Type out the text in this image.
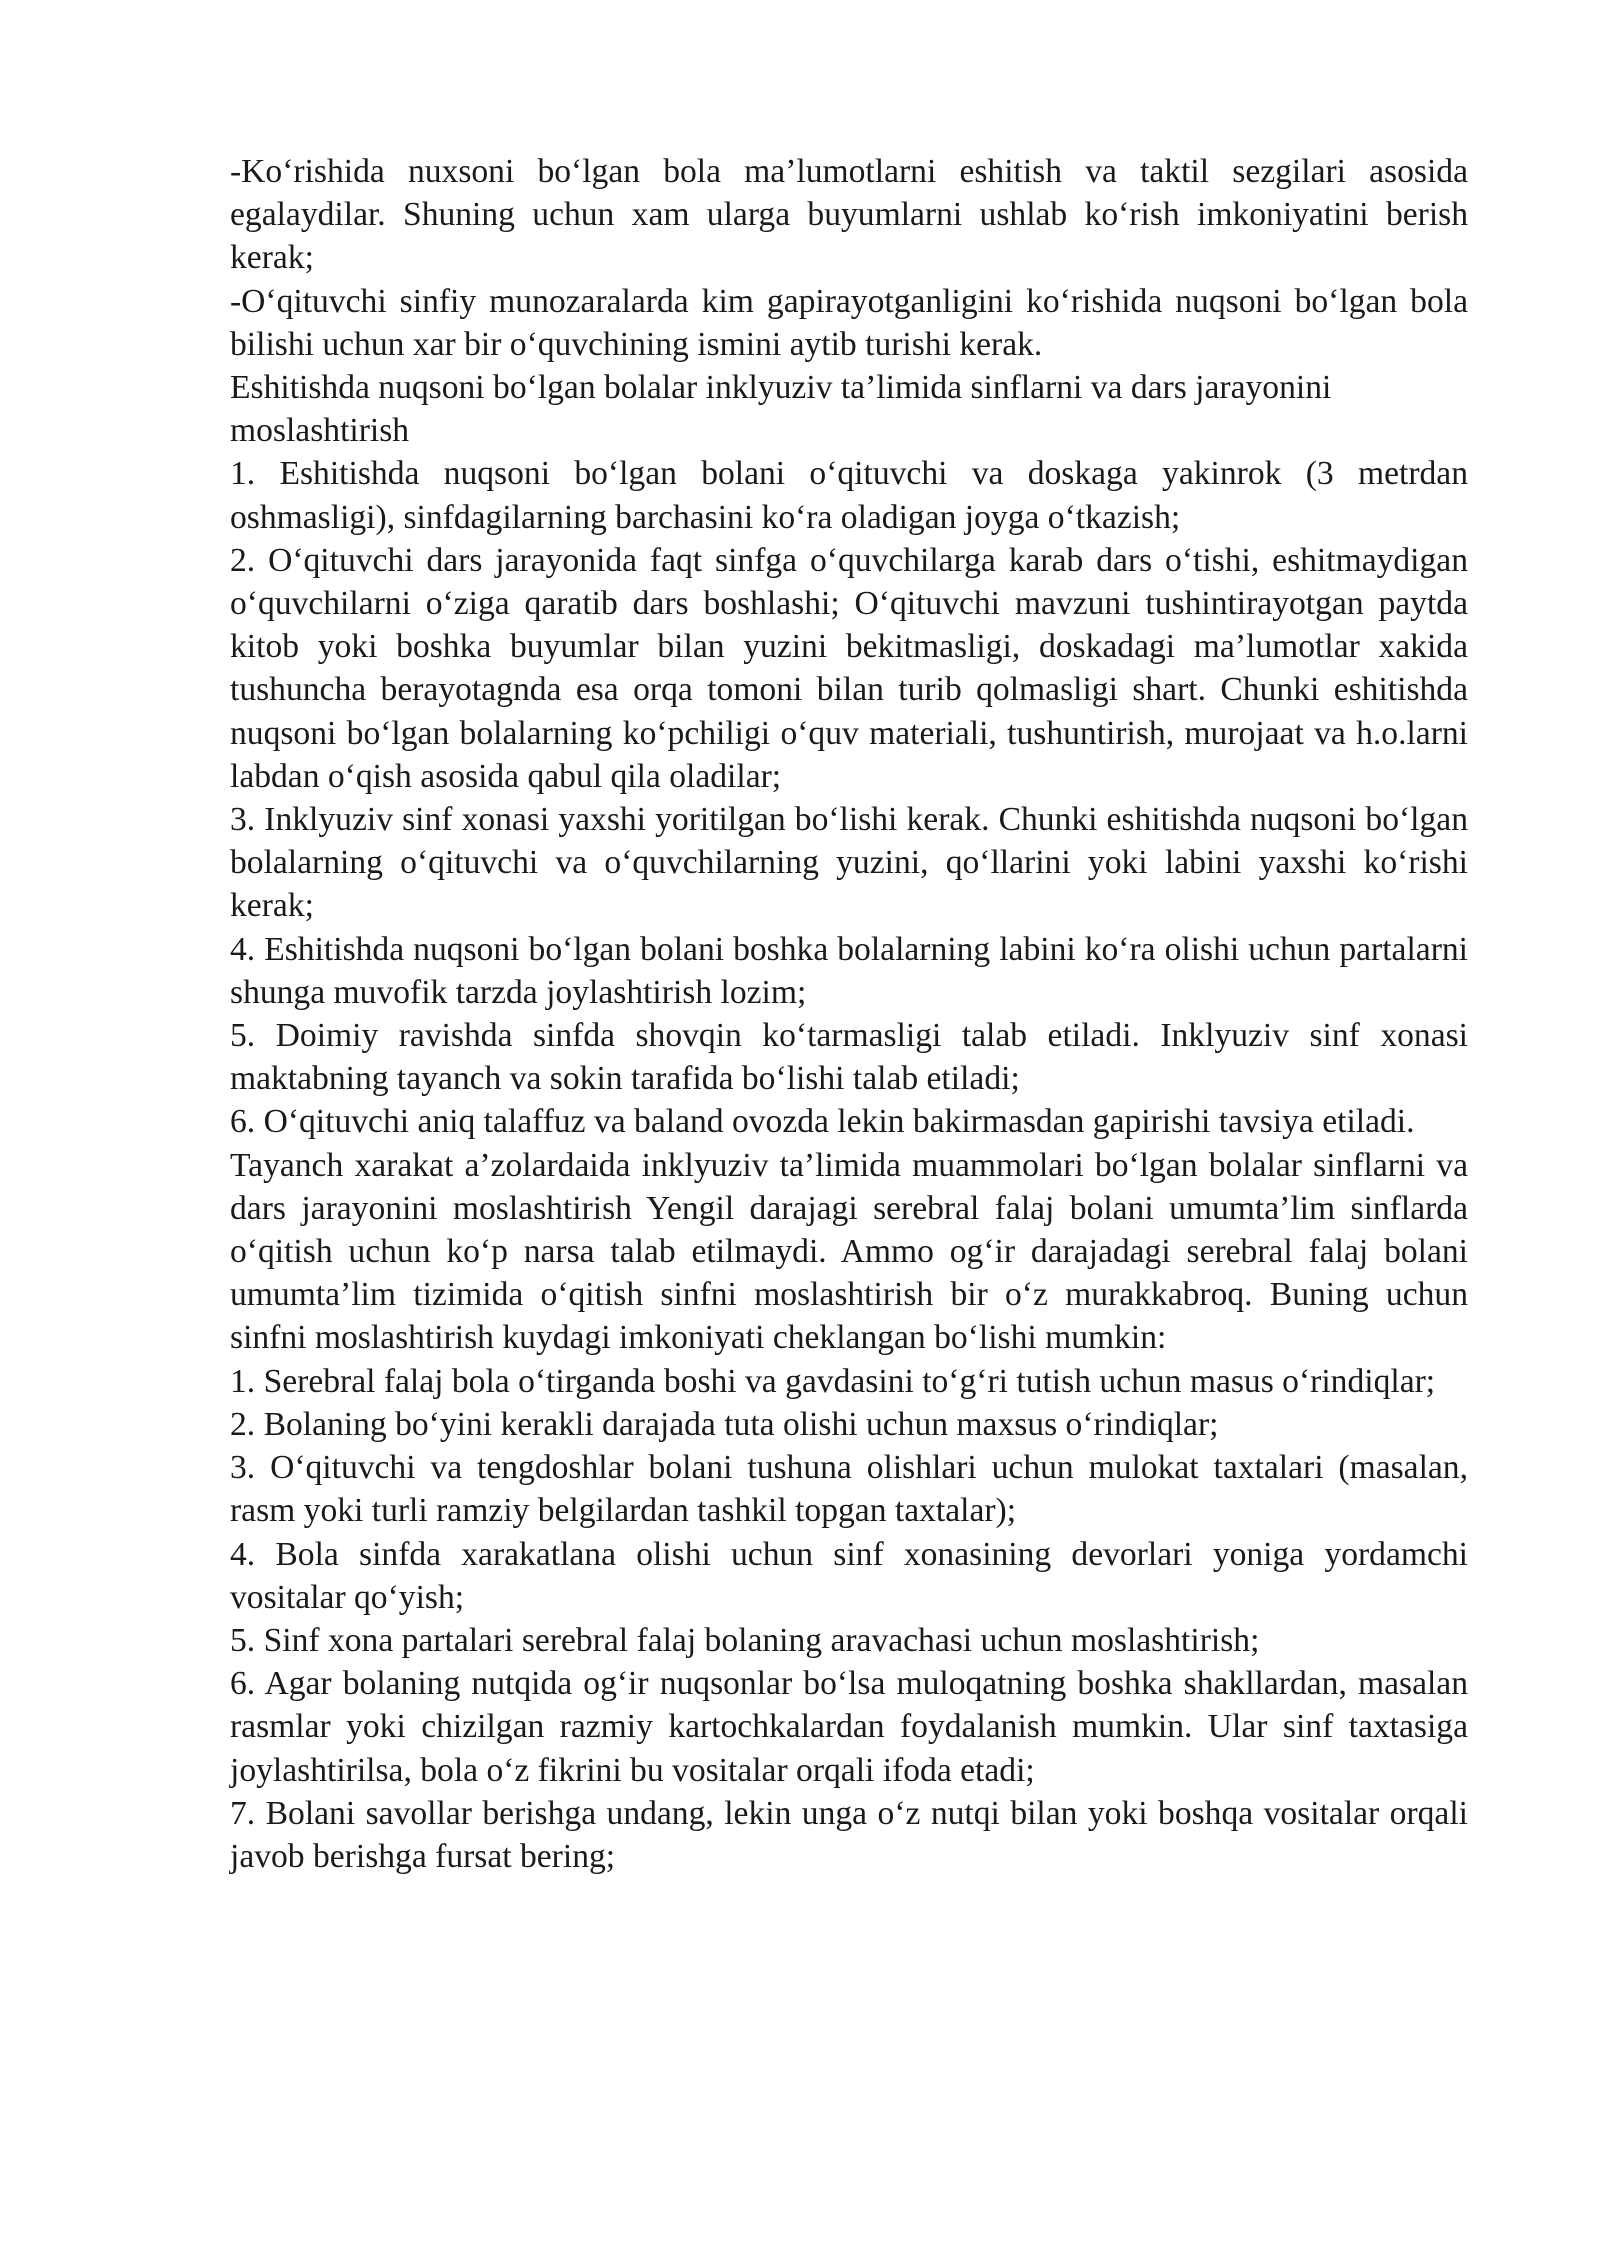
-Ko‘rishida nuxsoni bo‘lgan bola ma’lumotlarni eshitish va taktil sezgilari asosida egalaydilar. Shuning uchun xam ularga buyumlarni ushlab ko‘rish imkoniyatini berish kerak;

-O‘qituvchi sinfiy munozaralarda kim gapirayotganligini ko‘rishida nuqsoni bo‘lgan bola bilishi uchun xar bir o‘quvchining ismini aytib turishi kerak.

Eshitishda nuqsoni bo‘lgan bolalar inklyuziv ta’limida sinflarni va dars jarayonini moslashtirish

1. Eshitishda nuqsoni bo‘lgan bolani o‘qituvchi va doskaga yakinrok (3 metrdan oshmasligi), sinfdagilarning barchasini ko‘ra oladigan joyga o‘tkazish;

2. O‘qituvchi dars jarayonida faqt sinfga o‘quvchilarga karab dars o‘tishi, eshitmaydigan o‘quvchilarni o‘ziga qaratib dars boshlashi; O‘qituvchi mavzuni tushintirayotgan paytda kitob yoki boshka buyumlar bilan yuzini bekitmasligi, doskadagi ma’lumotlar xakida tushuncha berayotagnda esa orqa tomoni bilan turib qolmasligi shart. Chunki eshitishda nuqsoni bo‘lgan bolalarning ko‘pchiligi o‘quv materiali, tushuntirish, murojaat va h.o.larni labdan o‘qish asosida qabul qila oladilar;

3. Inklyuziv sinf xonasi yaxshi yoritilgan bo‘lishi kerak. Chunki eshitishda nuqsoni bo‘lgan bolalarning o‘qituvchi va o‘quvchilarning yuzini, qo‘llarini yoki labini yaxshi ko‘rishi kerak;

4. Eshitishda nuqsoni bo‘lgan bolani boshka bolalarning labini ko‘ra olishi uchun partalarni shunga muvofik tarzda joylashtirish lozim;

5. Doimiy ravishda sinfda shovqin ko‘tarmasligi talab etiladi. Inklyuziv sinf xonasi maktabning tayanch va sokin tarafida bo‘lishi talab etiladi;

6. O‘qituvchi aniq talaffuz va baland ovozda lekin bakirmasdan gapirishi tavsiya etiladi.

Tayanch xarakat a’zolardaida inklyuziv ta’limida muammolari bo‘lgan bolalar sinflarni va dars jarayonini moslashtirish Yengil darajagi serebral falaj bolani umumta’lim sinflarda o‘qitish uchun ko‘p narsa talab etilmaydi. Ammo og‘ir darajadagi serebral falaj bolani umumta’lim tizimida o‘qitish sinfni moslashtirish bir o‘z murakkabroq. Buning uchun sinfni moslashtirish kuydagi imkoniyati cheklangan bo‘lishi mumkin:

1. Serebral falaj bola o‘tirganda boshi va gavdasini to‘g‘ri tutish uchun masus o‘rindiqlar;

2. Bolaning bo‘yini kerakli darajada tuta olishi uchun maxsus o‘rindiqlar;

3. O‘qituvchi va tengdoshlar bolani tushuna olishlari uchun mulokat taxtalari (masalan, rasm yoki turli ramziy belgilardan tashkil topgan taxtalar);

4. Bola sinfda xarakatlana olishi uchun sinf xonasining devorlari yoniga yordamchi vositalar qo‘yish;

5. Sinf xona partalari serebral falaj bolaning aravachasi uchun moslashtirish;

6. Agar bolaning nutqida og‘ir nuqsonlar bo‘lsa muloqatning boshka shakllardan, masalan rasmlar yoki chizilgan razmiy kartochkalardan foydalanish mumkin. Ular sinf taxtasiga joylashtirilsa, bola o‘z fikrini bu vositalar orqali ifoda etadi;

7. Bolani savollar berishga undang, lekin unga o‘z nutqi bilan yoki boshqa vositalar orqali javob berishga fursat bering;
